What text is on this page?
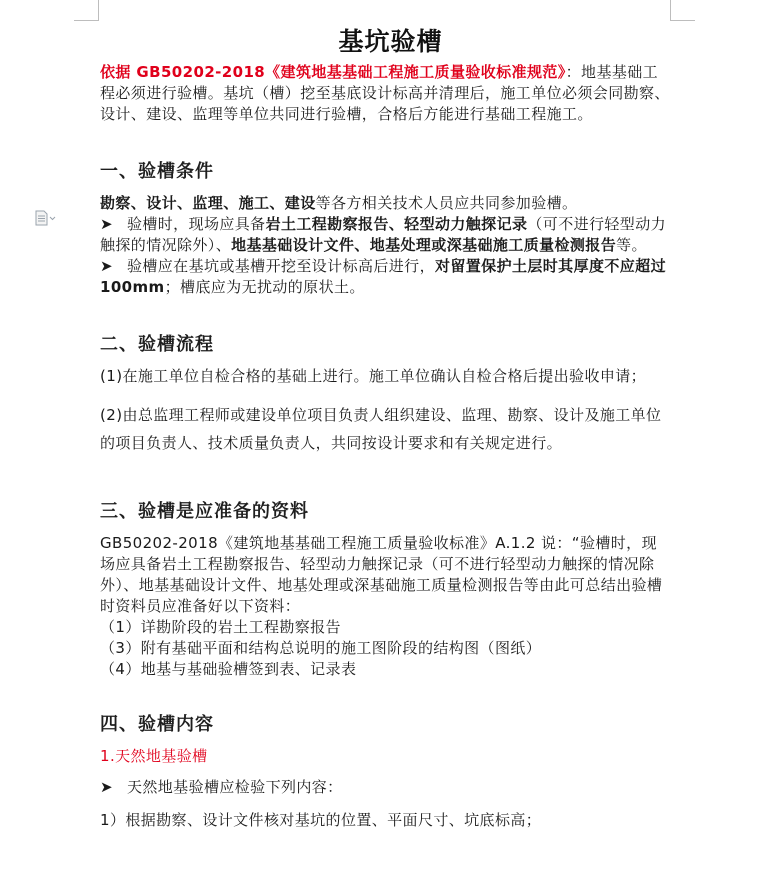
基坑验槽

依据 GB50202-2018《建筑地基基础工程施工质量验收标准规范》：地基基础工程必须进行验槽。基坑（槽）挖至基底设计标高并清理后，施工单位必须会同勘察、设计、建设、监理等单位共同进行验槽，合格后方能进行基础工程施工。

一、验槽条件

勘察、设计、监理、施工、建设等各方相关技术人员应共同参加验槽。

➤ 验槽时，现场应具备岩土工程勘察报告、轻型动力触探记录（可不进行轻型动力触探的情况除外）、地基基础设计文件、地基处理或深基础施工质量检测报告等。

➤ 验槽应在基坑或基槽开挖至设计标高后进行，对留置保护土层时其厚度不应超过 100mm；槽底应为无扰动的原状土。

二、验槽流程

(1)在施工单位自检合格的基础上进行。施工单位确认自检合格后提出验收申请；

(2)由总监理工程师或建设单位项目负责人组织建设、监理、勘察、设计及施工单位的项目负责人、技术质量负责人，共同按设计要求和有关规定进行。

三、验槽是应准备的资料

GB50202-2018《建筑地基基础工程施工质量验收标准》A.1.2 说：“验槽时，现场应具备岩土工程勘察报告、轻型动力触探记录（可不进行轻型动力触探的情况除外）、地基基础设计文件、地基处理或深基础施工质量检测报告等由此可总结出验槽时资料员应准备好以下资料：

（1）详勘阶段的岩土工程勘察报告

（3）附有基础平面和结构总说明的施工图阶段的结构图（图纸）

（4）地基与基础验槽签到表、记录表

四、验槽内容

1.天然地基验槽

➤ 天然地基验槽应检验下列内容：

1）根据勘察、设计文件核对基坑的位置、平面尺寸、坑底标高；
